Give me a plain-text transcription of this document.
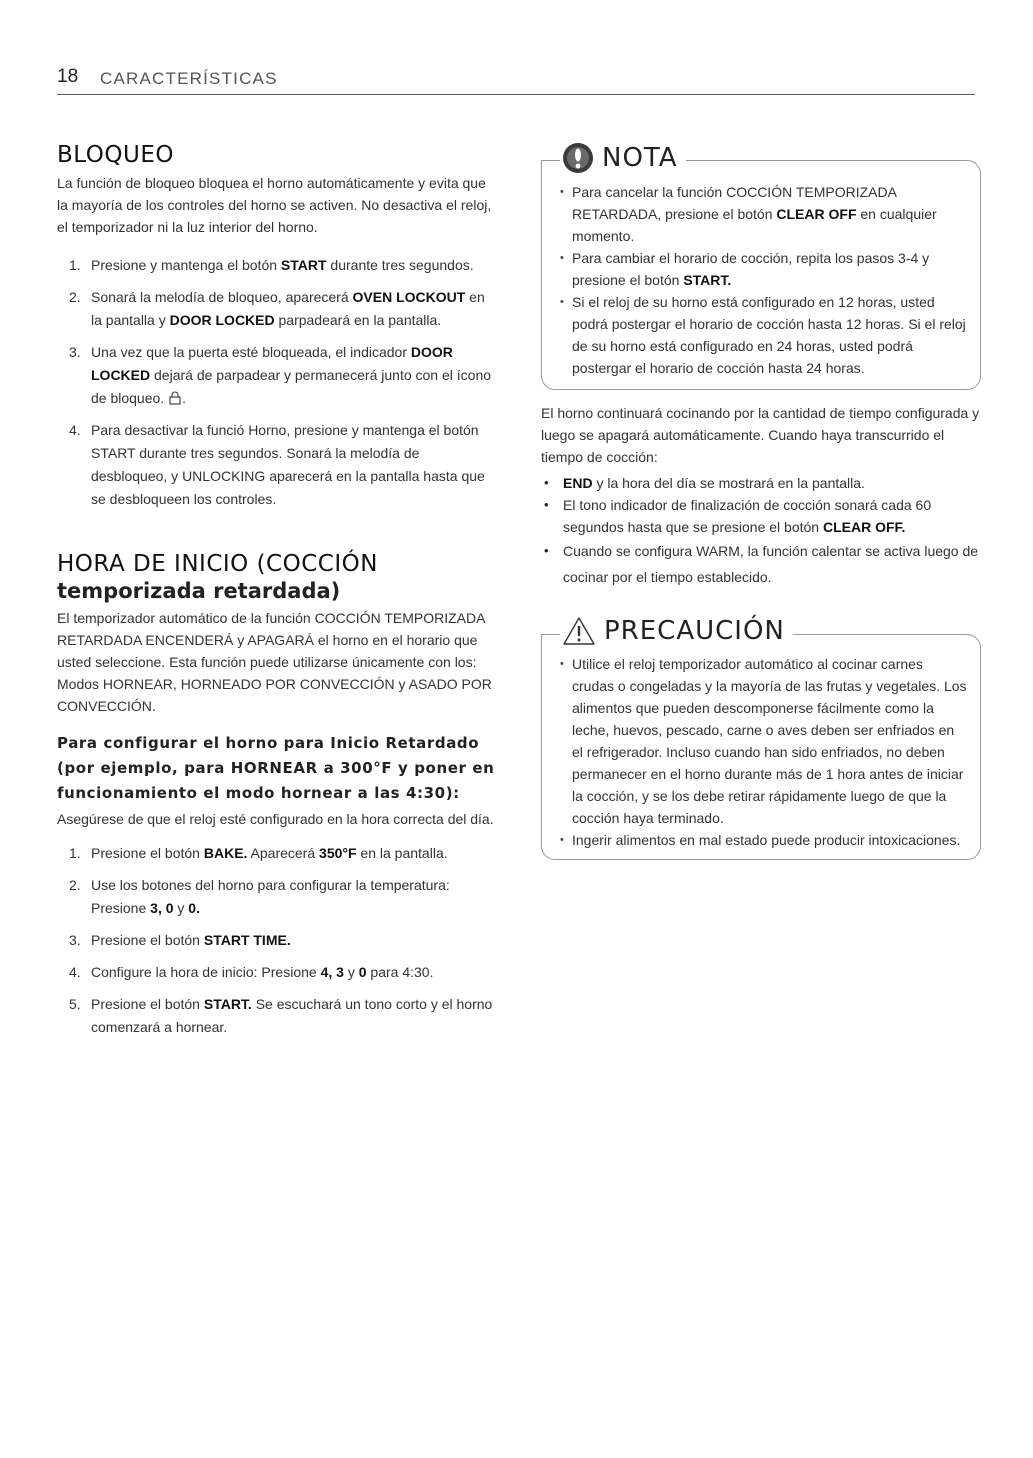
18 CARACTERÍSTICAS
BLOQUEO

La función de bloqueo bloquea el horno automáticamente y evita que la mayoría de los controles del horno se activen. No desactiva el reloj, el temporizador ni la luz interior del horno.

1. Presione y mantenga el botón START durante tres segundos.
2. Sonará la melodía de bloqueo, aparecerá OVEN LOCKOUT en la pantalla y DOOR LOCKED parpadeará en la pantalla.
3. Una vez que la puerta esté bloqueada, el indicador DOOR LOCKED dejará de parpadear y permanecerá junto con el ícono de bloqueo. .
4. Para desactivar la funció Horno, presione y mantenga el botón START durante tres segundos. Sonará la melodía de desbloqueo, y UNLOCKING aparecerá en la pantalla hasta que se desbloqueen los controles.
HORA DE INICIO (COCCIÓN
temporizada retardada)

El temporizador automático de la función COCCIÓN TEMPORIZADA RETARDADA ENCENDERÁ y APAGARÁ el horno en el horario que usted seleccione. Esta función puede utilizarse únicamente con los: Modos HORNEAR, HORNEADO POR CONVECCIÓN y ASADO POR CONVECCIÓN.

Para configurar el horno para Inicio Retardado (por ejemplo, para HORNEAR a 300°F y poner en funcionamiento el modo hornear a las 4:30):

Asegúrese de que el reloj esté configurado en la hora correcta del día.

1. Presione el botón BAKE. Aparecerá 350°F en la pantalla.
2. Use los botones del horno para configurar la temperatura: Presione 3, 0 y 0.
3. Presione el botón START TIME.
4. Configure la hora de inicio: Presione 4, 3 y 0 para 4:30.
5. Presione el botón START. Se escuchará un tono corto y el horno comenzará a hornear.
NOTA
• Para cancelar la función COCCIÓN TEMPORIZADA RETARDADA, presione el botón CLEAR OFF en cualquier momento.
• Para cambiar el horario de cocción, repita los pasos 3-4 y presione el botón START.
• Si el reloj de su horno está configurado en 12 horas, usted podrá postergar el horario de cocción hasta 12 horas. Si el reloj de su horno está configurado en 24 horas, usted podrá postergar el horario de cocción hasta 24 horas.

El horno continuará cocinando por la cantidad de tiempo configurada y luego se apagará automáticamente. Cuando haya transcurrido el tiempo de cocción:

• END y la hora del día se mostrará en la pantalla.
• El tono indicador de finalización de cocción sonará cada 60 segundos hasta que se presione el botón CLEAR OFF.
• Cuando se configura WARM, la función calentar se activa luego de cocinar por el tiempo establecido.
PRECAUCIÓN
• Utilice el reloj temporizador automático al cocinar carnes crudas o congeladas y la mayoría de las frutas y vegetales. Los alimentos que pueden descomponerse fácilmente como la leche, huevos, pescado, carne o aves deben ser enfriados en el refrigerador. Incluso cuando han sido enfriados, no deben permanecer en el horno durante más de 1 hora antes de iniciar la cocción, y se los debe retirar rápidamente luego de que la cocción haya terminado.
• Ingerir alimentos en mal estado puede producir intoxicaciones.
